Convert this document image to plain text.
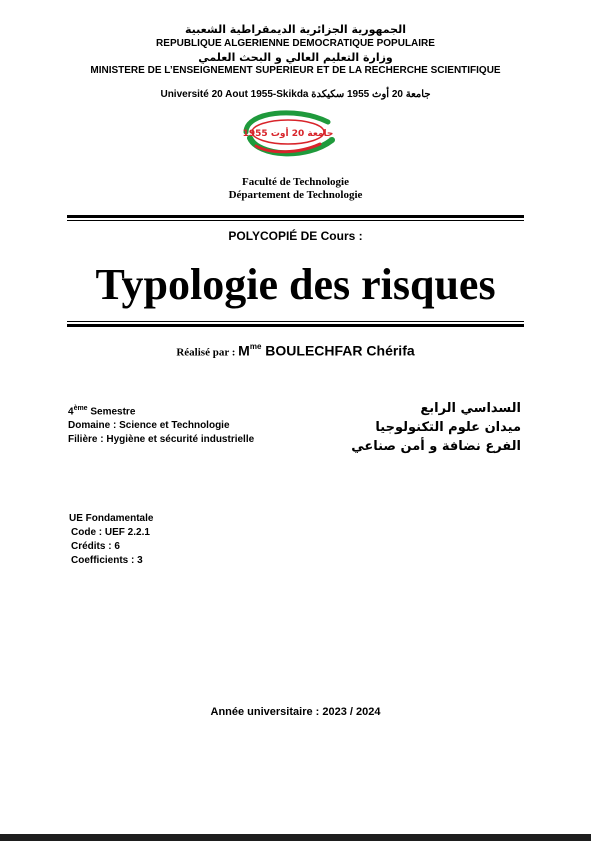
الجمهورية الجزائرية الديمقراطية الشعبية
REPUBLIQUE ALGERIENNE DEMOCRATIQUE POPULAIRE
وزارة التعليم العالي و البحث العلمي
MINISTERE DE L’ENSEIGNEMENT SUPERIEUR ET DE LA RECHERCHE SCIENTIFIQUE
Université 20 Aout 1955-Skikda جامعة 20 أوث 1955 سكيكدة
جامعة 20 أوت 1955
Faculté de Technologie
Département de Technologie
POLYCOPIÉ DE Cours :
Typologie des risques
Réalisé par : $M^{me}$ BOULECHFAR Chérifa
4ème Semestre
Domaine : Science et Technologie
Filière : Hygiène et sécurité industrielle
السداسي الرابع
ميدان علوم التكنولوجيا
الفرع نضافة و أمن صناعي
UE Fondamentale
Code : UEF 2.2.1
Crédits : 6
Coefficients : 3
Année universitaire : 2023 / 2024
